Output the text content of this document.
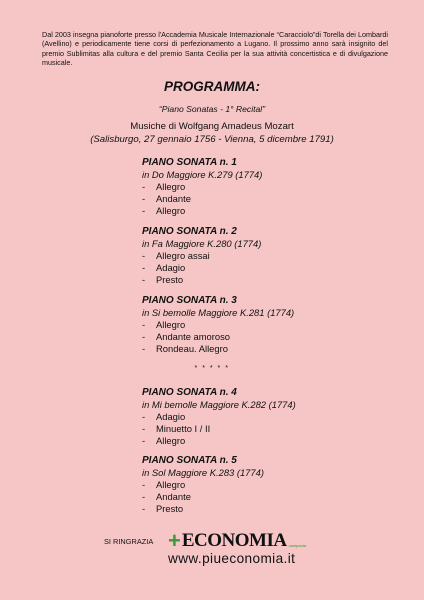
Dal 2003 insegna pianoforte presso l'Accademia Musicale Internazionale “Caracciolo”di Torella dei Lombardi (Avellino) e periodicamente tiene corsi di perfezionamento a Lugano. Il prossimo anno sarà insignito del premio Sublimitas alla cultura e del premio Santa Cecilia per la sua attività concertistica e di divulgazione musicale.
PROGRAMMA:
“Piano Sonatas - 1° Recital”
Musiche di Wolfgang Amadeus Mozart
(Salisburgo, 27 gennaio 1756 - Vienna, 5 dicembre 1791)
PIANO SONATA n. 1
in Do Maggiore K.279 (1774)
-	Allegro
-	Andante
-	Allegro
PIANO SONATA n. 2
in Fa Maggiore K.280 (1774)
-	Allegro assai
-	Adagio
-	Presto
PIANO SONATA n. 3
in Si bemolle Maggiore K.281 (1774)
-	Allegro
-	Andante amoroso
-	Rondeau. Allegro
* * * * *
PIANO SONATA n. 4
in Mi bemolle Maggiore K.282 (1774)
-	Adagio
-	Minuetto I / II
-	Allegro
PIANO SONATA n. 5
in Sol Maggiore K.283 (1774)
-	Allegro
-	Andante
-	Presto
SI RINGRAZIA + ECONOMIA campania
www.piueconomia.it
